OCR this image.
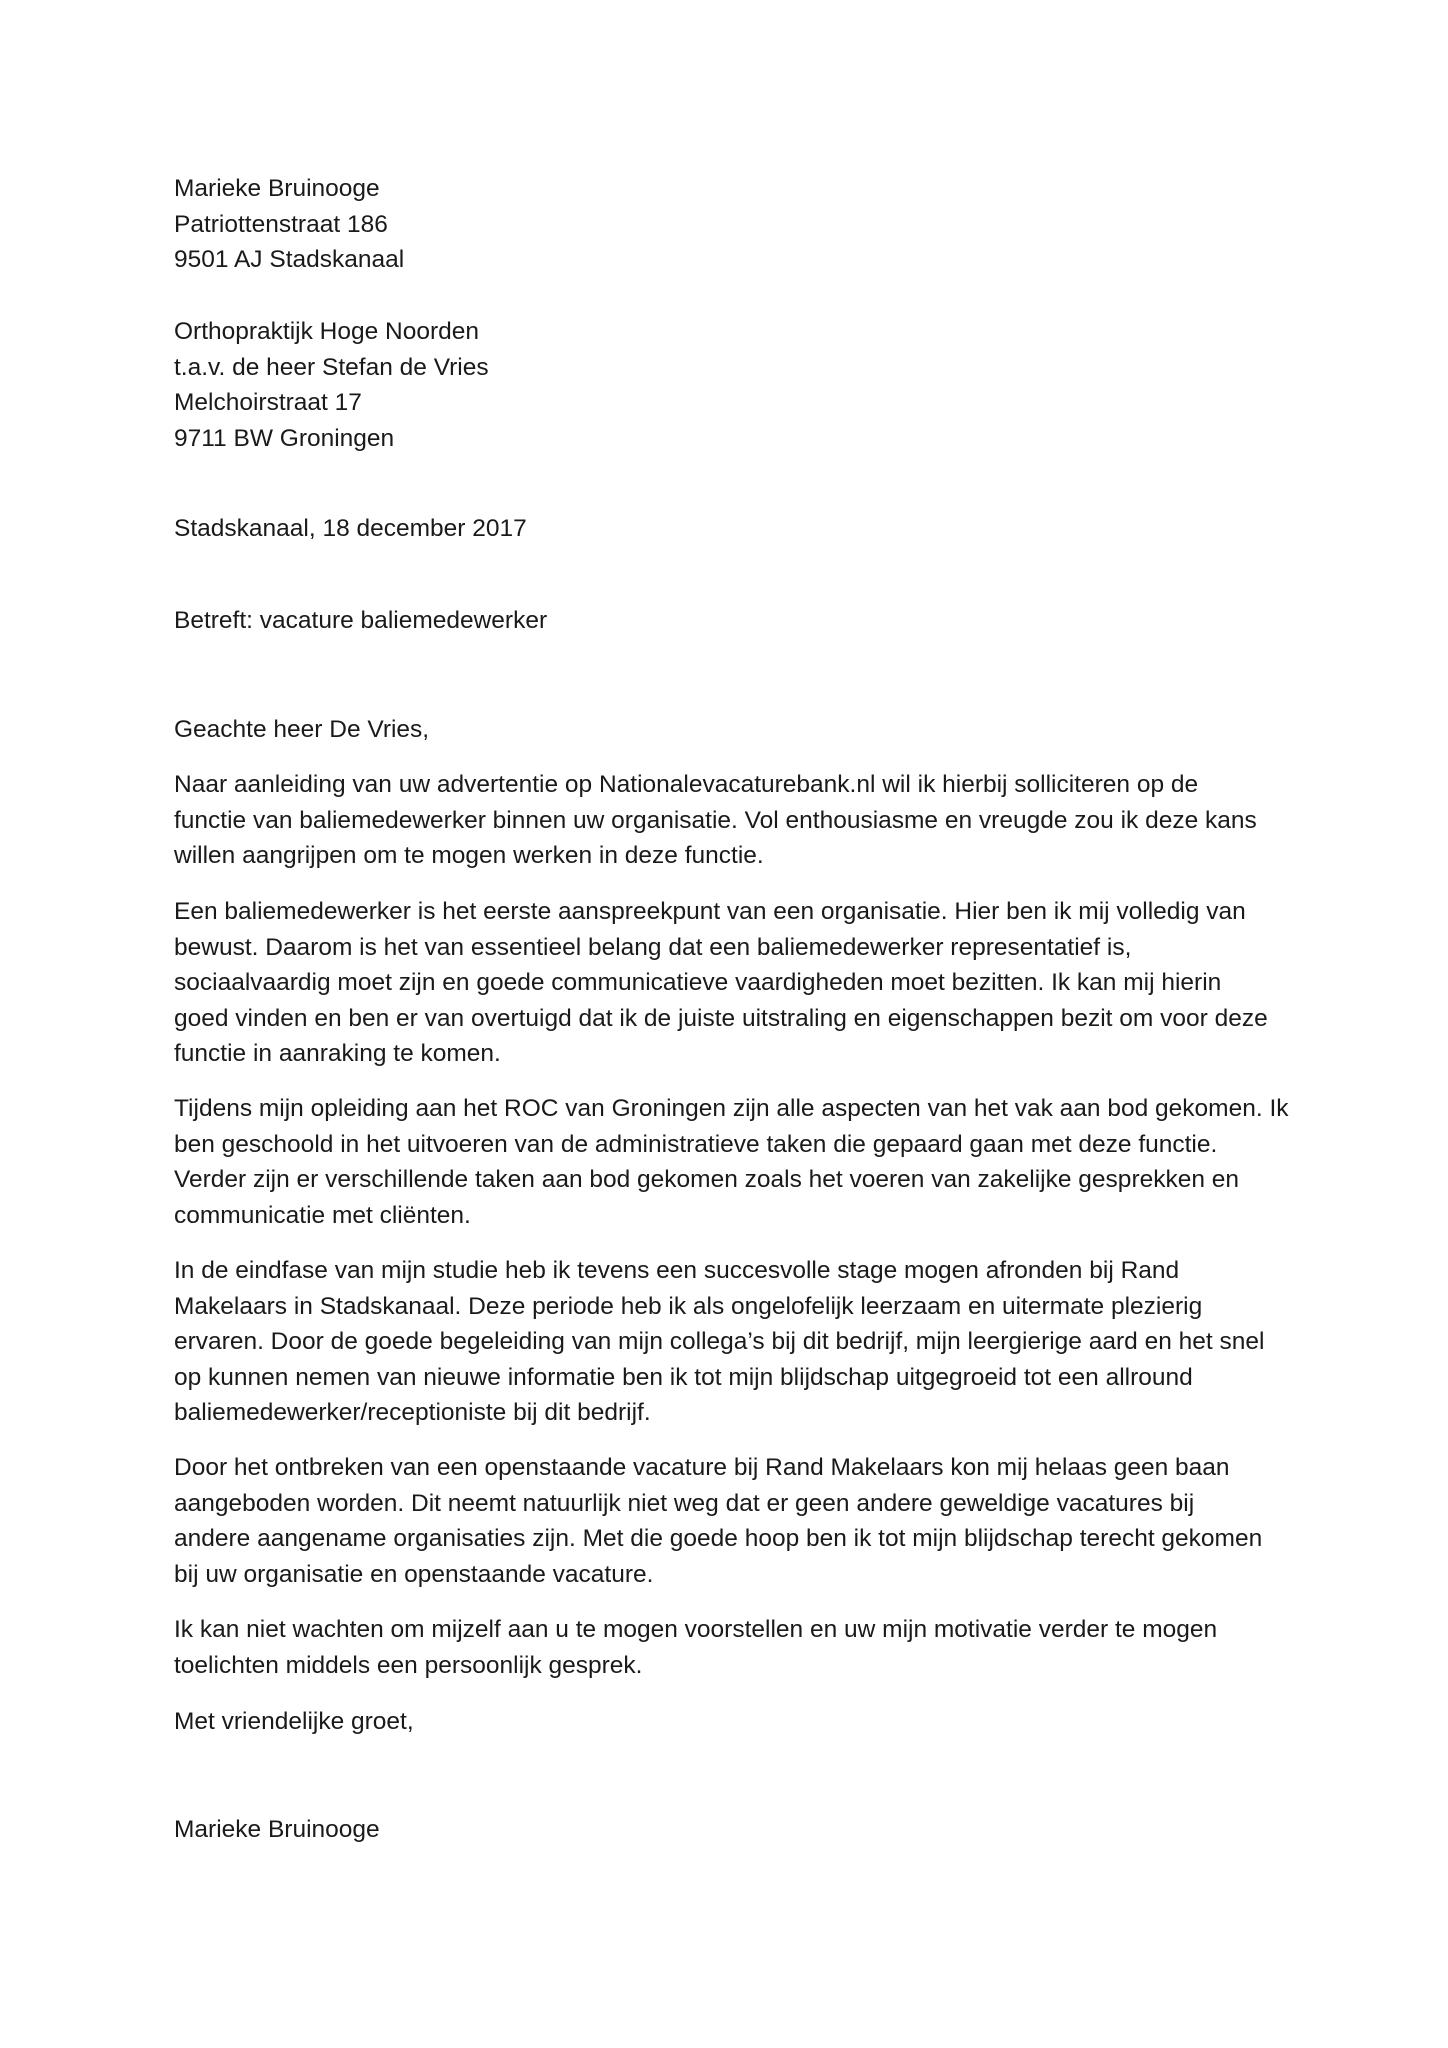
Marieke Bruinooge
Patriottenstraat 186
9501 AJ Stadskanaal
Orthopraktijk Hoge Noorden
t.a.v. de heer Stefan de Vries
Melchoirstraat 17
9711 BW Groningen
Stadskanaal, 18 december 2017
Betreft: vacature baliemedewerker
Geachte heer De Vries,
Naar aanleiding van uw advertentie op Nationalevacaturebank.nl wil ik hierbij solliciteren op de
functie van baliemedewerker binnen uw organisatie. Vol enthousiasme en vreugde zou ik deze kans
willen aangrijpen om te mogen werken in deze functie.
Een baliemedewerker is het eerste aanspreekpunt van een organisatie. Hier ben ik mij volledig van
bewust. Daarom is het van essentieel belang dat een baliemedewerker representatief is,
sociaalvaardig moet zijn en goede communicatieve vaardigheden moet bezitten. Ik kan mij hierin
goed vinden en ben er van overtuigd dat ik de juiste uitstraling en eigenschappen bezit om voor deze
functie in aanraking te komen.
Tijdens mijn opleiding aan het ROC van Groningen zijn alle aspecten van het vak aan bod gekomen. Ik
ben geschoold in het uitvoeren van de administratieve taken die gepaard gaan met deze functie.
Verder zijn er verschillende taken aan bod gekomen zoals het voeren van zakelijke gesprekken en
communicatie met cliënten.
In de eindfase van mijn studie heb ik tevens een succesvolle stage mogen afronden bij Rand
Makelaars in Stadskanaal. Deze periode heb ik als ongelofelijk leerzaam en uitermate plezierig
ervaren. Door de goede begeleiding van mijn collega’s bij dit bedrijf, mijn leergierige aard en het snel
op kunnen nemen van nieuwe informatie ben ik tot mijn blijdschap uitgegroeid tot een allround
baliemedewerker/receptioniste bij dit bedrijf.
Door het ontbreken van een openstaande vacature bij Rand Makelaars kon mij helaas geen baan
aangeboden worden. Dit neemt natuurlijk niet weg dat er geen andere geweldige vacatures bij
andere aangename organisaties zijn. Met die goede hoop ben ik tot mijn blijdschap terecht gekomen
bij uw organisatie en openstaande vacature.
Ik kan niet wachten om mijzelf aan u te mogen voorstellen en uw mijn motivatie verder te mogen
toelichten middels een persoonlijk gesprek.
Met vriendelijke groet,
Marieke Bruinooge
